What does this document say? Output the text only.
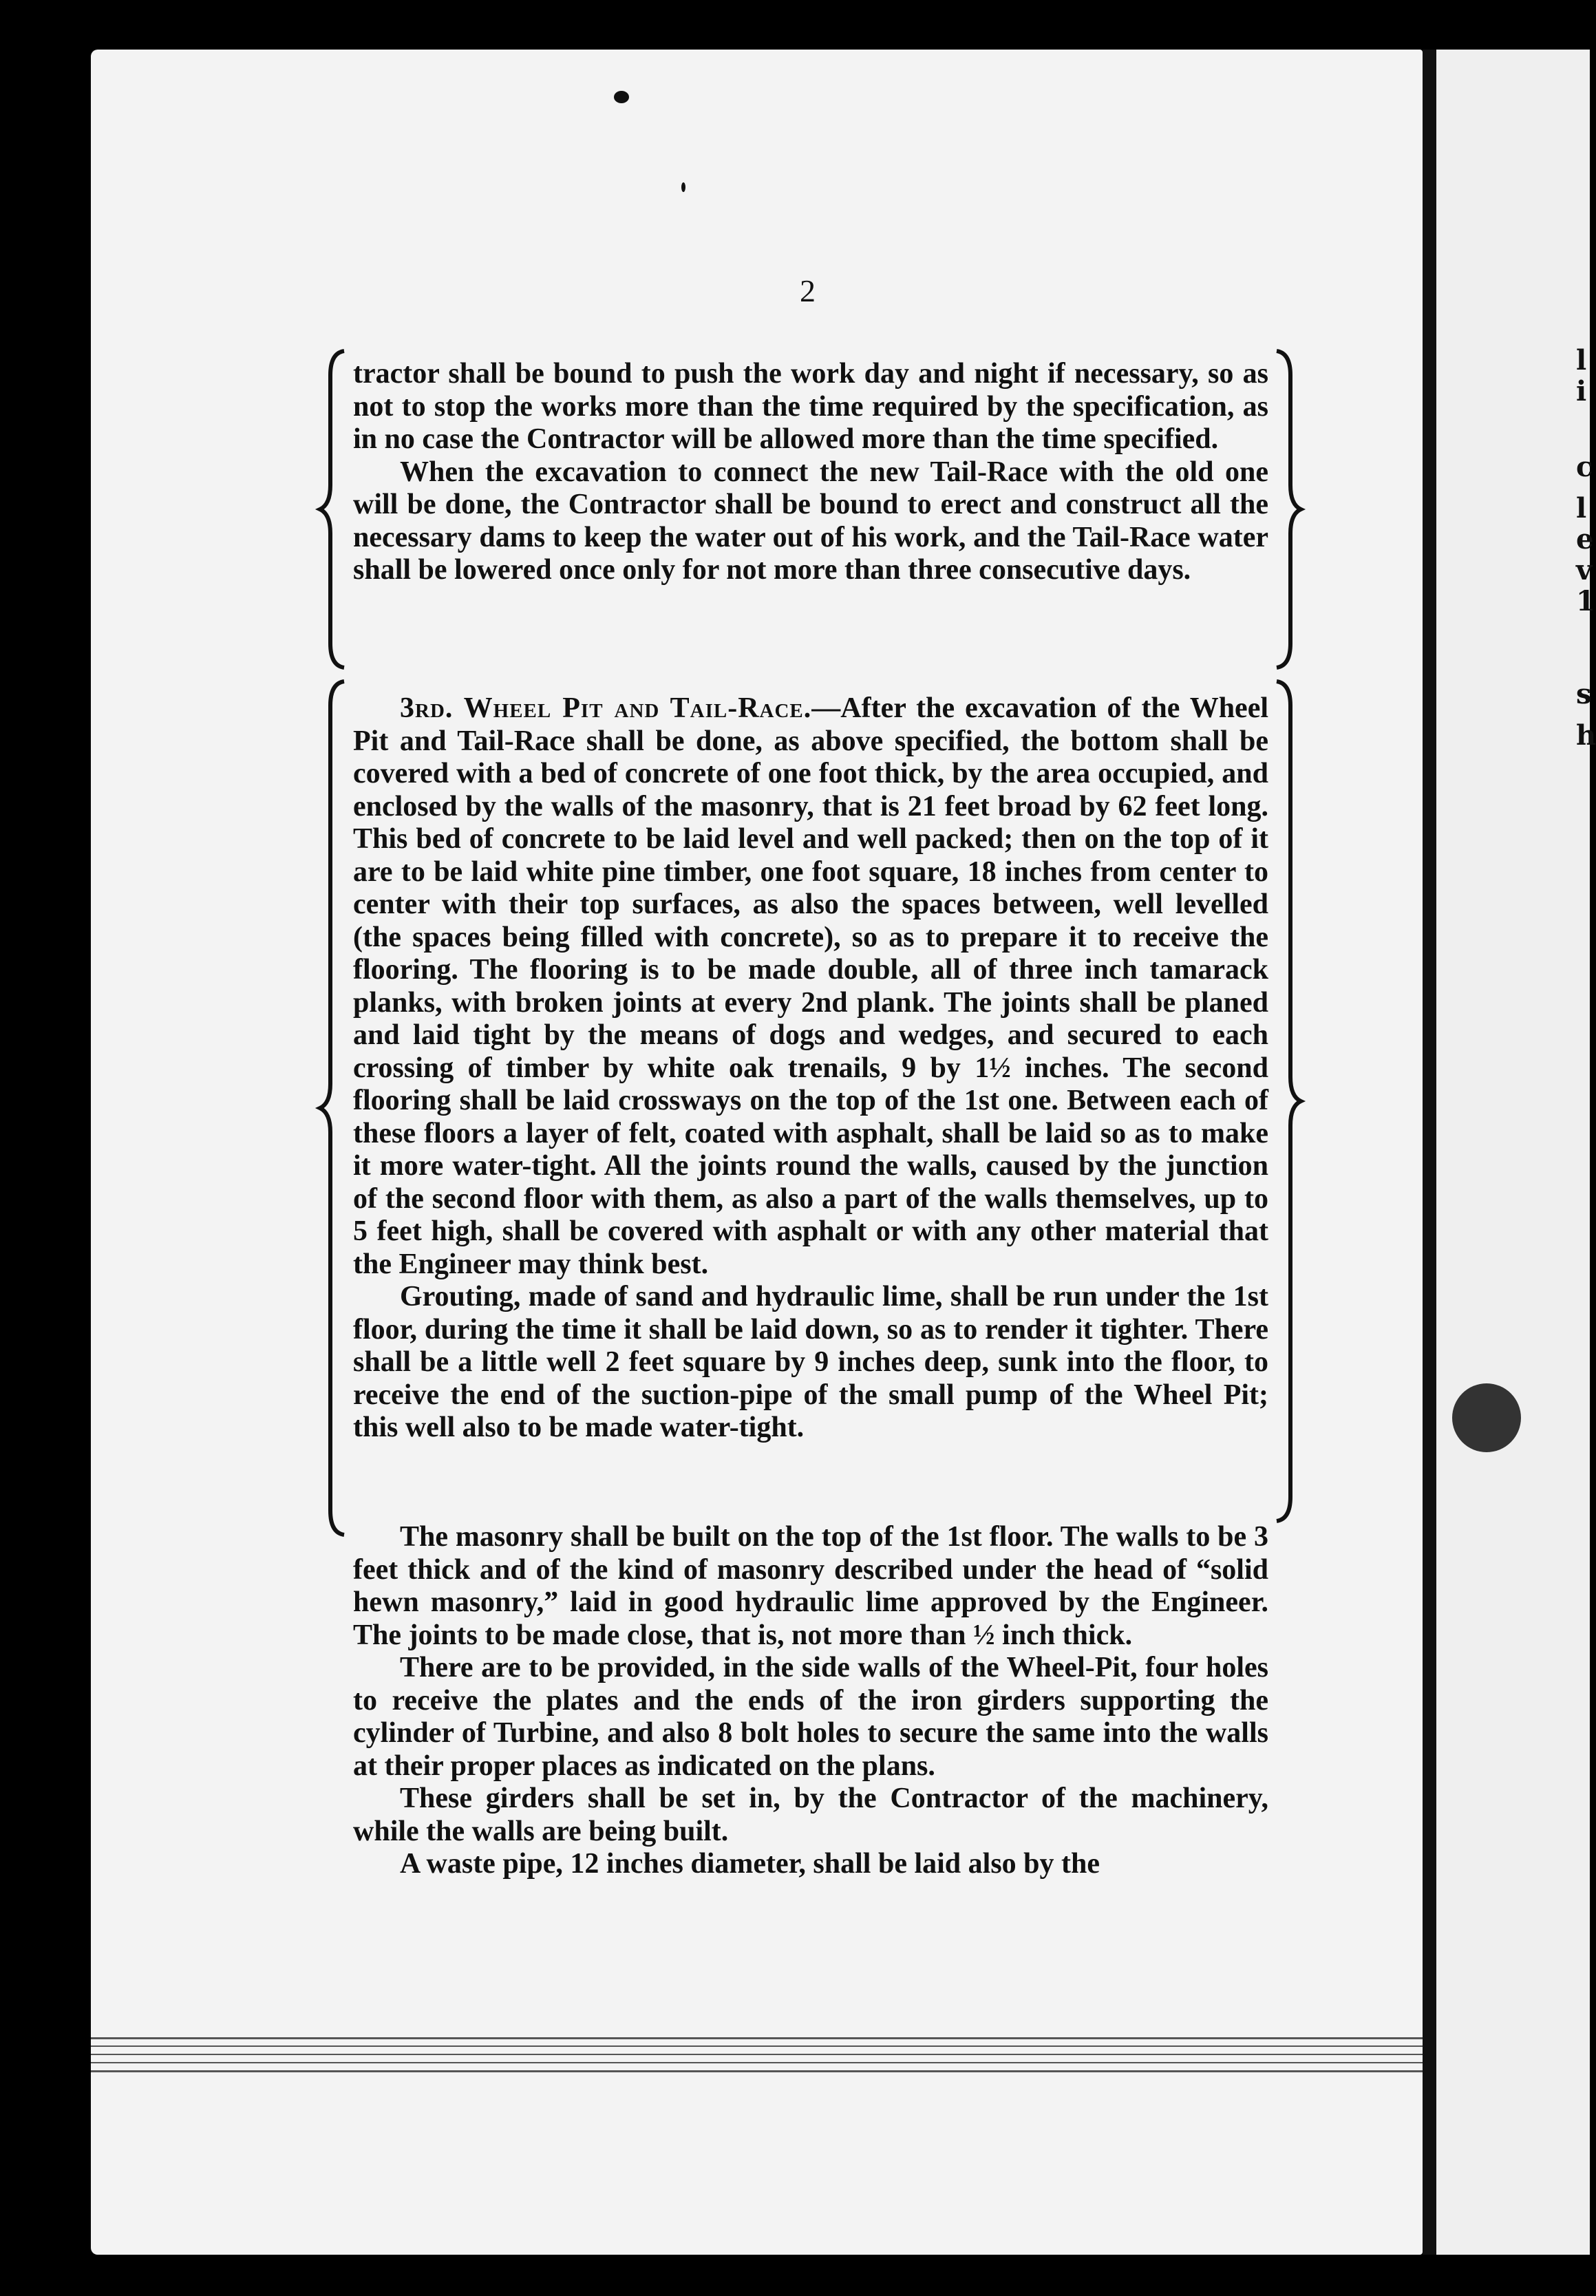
l
i
c
l
e
v
1
s
h
2

tractor shall be bound to push the work day and night if necessary, so as not to stop the works more than the time required by the specification, as in no case the Contractor will be allowed more than the time specified.

When the excavation to connect the new Tail-Race with the old one will be done, the Contractor shall be bound to erect and construct all the necessary dams to keep the water out of his work, and the Tail-Race water shall be lowered once only for not more than three consecutive days.

3rd. Wheel Pit and Tail-Race.—After the excavation of the Wheel Pit and Tail-Race shall be done, as above specified, the bottom shall be covered with a bed of concrete of one foot thick, by the area occupied, and enclosed by the walls of the masonry, that is 21 feet broad by 62 feet long. This bed of concrete to be laid level and well packed; then on the top of it are to be laid white pine timber, one foot square, 18 inches from center to center with their top surfaces, as also the spaces between, well levelled (the spaces being filled with concrete), so as to prepare it to receive the flooring. The flooring is to be made double, all of three inch tamarack planks, with broken joints at every 2nd plank. The joints shall be planed and laid tight by the means of dogs and wedges, and secured to each crossing of timber by white oak trenails, 9 by 1½ inches. The second flooring shall be laid crossways on the top of the 1st one. Between each of these floors a layer of felt, coated with asphalt, shall be laid so as to make it more water-tight. All the joints round the walls, caused by the junction of the second floor with them, as also a part of the walls themselves, up to 5 feet high, shall be covered with asphalt or with any other material that the Engineer may think best.

Grouting, made of sand and hydraulic lime, shall be run under the 1st floor, during the time it shall be laid down, so as to render it tighter. There shall be a little well 2 feet square by 9 inches deep, sunk into the floor, to receive the end of the suction-pipe of the small pump of the Wheel Pit; this well also to be made water-tight.

The masonry shall be built on the top of the 1st floor. The walls to be 3 feet thick and of the kind of masonry described under the head of “solid hewn masonry,” laid in good hydraulic lime approved by the Engineer. The joints to be made close, that is, not more than ½ inch thick.

There are to be provided, in the side walls of the Wheel-Pit, four holes to receive the plates and the ends of the iron girders supporting the cylinder of Turbine, and also 8 bolt holes to secure the same into the walls at their proper places as indicated on the plans.

These girders shall be set in, by the Contractor of the machinery, while the walls are being built.

A waste pipe, 12 inches diameter, shall be laid also by the
